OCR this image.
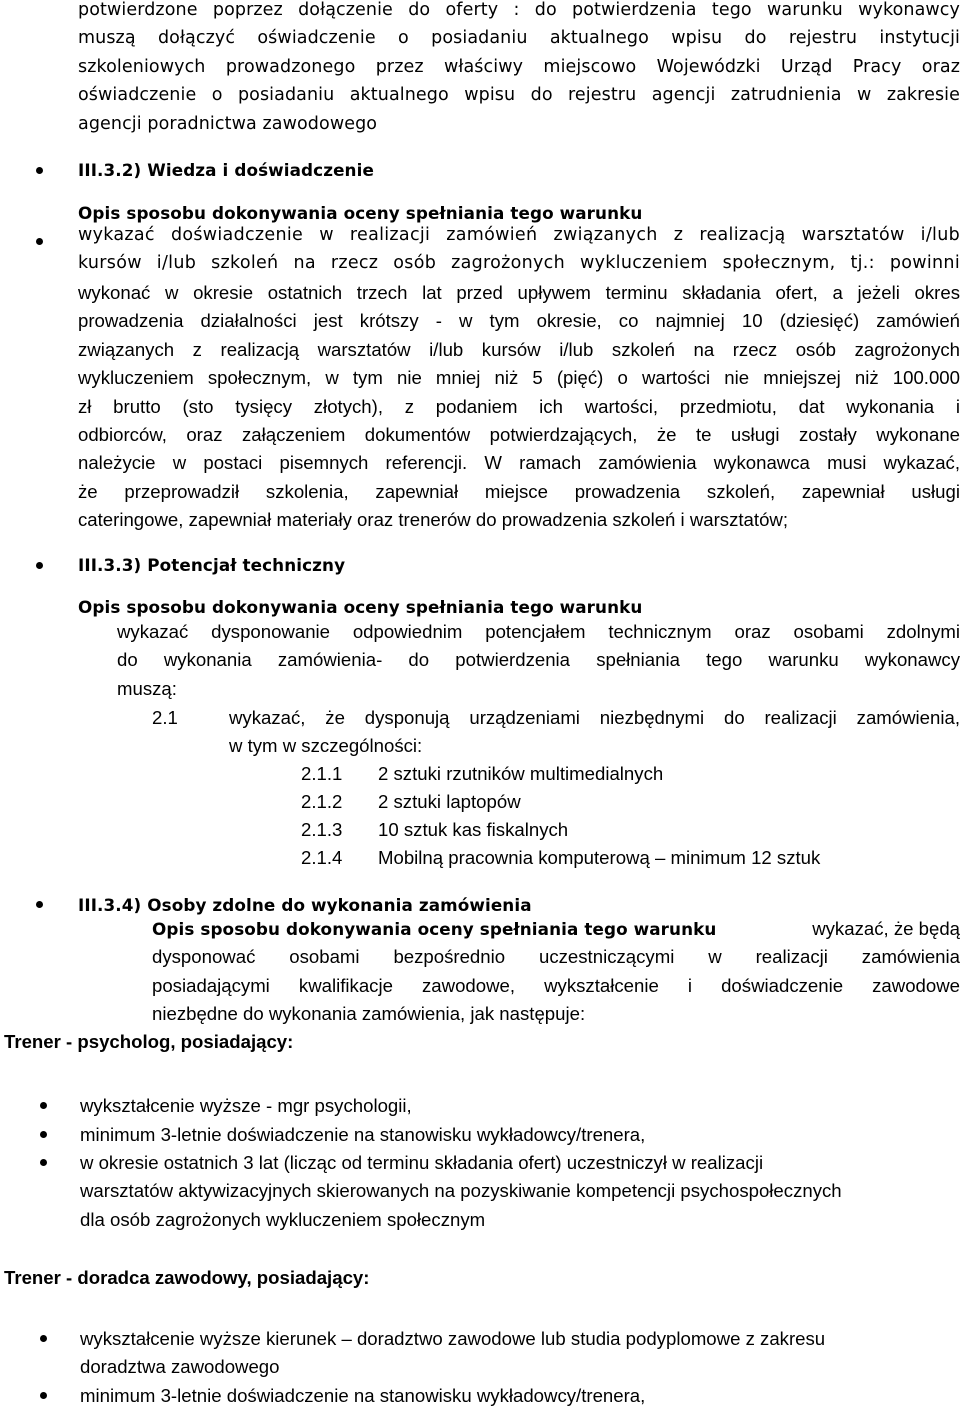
potwierdzone poprzez dołączenie do oferty : do potwierdzenia tego warunku wykonawcy
muszą dołączyć oświadczenie o posiadaniu aktualnego wpisu do rejestru instytucji
szkoleniowych prowadzonego przez właściwy miejscowo Wojewódzki Urząd Pracy oraz
oświadczenie o posiadaniu aktualnego wpisu do rejestru agencji zatrudnienia w zakresie
agencji poradnictwa zawodowego
III.3.2) Wiedza i doświadczenie
Opis sposobu dokonywania oceny spełniania tego warunku
wykazać doświadczenie w realizacji zamówień związanych z realizacją warsztatów i/lub
kursów i/lub szkoleń na rzecz osób zagrożonych wykluczeniem społecznym, tj.: powinni
wykonać w okresie ostatnich trzech lat przed upływem terminu składania ofert, a jeżeli okres
prowadzenia działalności jest krótszy - w tym okresie, co najmniej 10 (dziesięć) zamówień
związanych z realizacją warsztatów i/lub kursów i/lub szkoleń na rzecz osób zagrożonych
wykluczeniem społecznym, w tym nie mniej niż 5 (pięć) o wartości nie mniejszej niż 100.000
zł brutto (sto tysięcy złotych), z podaniem ich wartości, przedmiotu, dat wykonania i
odbiorców, oraz załączeniem dokumentów potwierdzających, że te usługi zostały wykonane
należycie w postaci pisemnych referencji. W ramach zamówienia wykonawca musi wykazać,
że przeprowadził szkolenia, zapewniał miejsce prowadzenia szkoleń, zapewniał usługi
cateringowe, zapewniał materiały oraz trenerów do prowadzenia szkoleń i warsztatów;
III.3.3) Potencjał techniczny
Opis sposobu dokonywania oceny spełniania tego warunku
wykazać dysponowanie odpowiednim potencjałem technicznym oraz osobami zdolnymi
do wykonania zamówienia- do potwierdzenia spełniania tego warunku wykonawcy
muszą:
2.1	wykazać, że dysponują urządzeniami niezbędnymi do realizacji zamówienia,
w tym w szczególności:
2.1.1 2 sztuki rzutników multimedialnych
2.1.2 2 sztuki laptopów
2.1.3 10 sztuk kas fiskalnych
2.1.4 Mobilną pracownia komputerową – minimum 12 sztuk
III.3.4) Osoby zdolne do wykonania zamówienia
Opis sposobu dokonywania oceny spełniania tego warunku	wykazać, że będą
dysponować osobami bezpośrednio uczestniczącymi w realizacji zamówienia
posiadającymi kwalifikacje zawodowe, wykształcenie i doświadczenie zawodowe
niezbędne do wykonania zamówienia, jak następuje:
Trener - psycholog, posiadający:
wykształcenie wyższe - mgr psychologii,
minimum 3-letnie doświadczenie na stanowisku wykładowcy/trenera,
w okresie ostatnich 3 lat (licząc od terminu składania ofert) uczestniczył w realizacji
warsztatów aktywizacyjnych skierowanych na pozyskiwanie kompetencji psychospołecznych
dla osób zagrożonych wykluczeniem społecznym
Trener - doradca zawodowy, posiadający:
wykształcenie wyższe kierunek – doradztwo zawodowe lub studia podyplomowe z zakresu
doradztwa zawodowego
minimum 3-letnie doświadczenie na stanowisku wykładowcy/trenera,
